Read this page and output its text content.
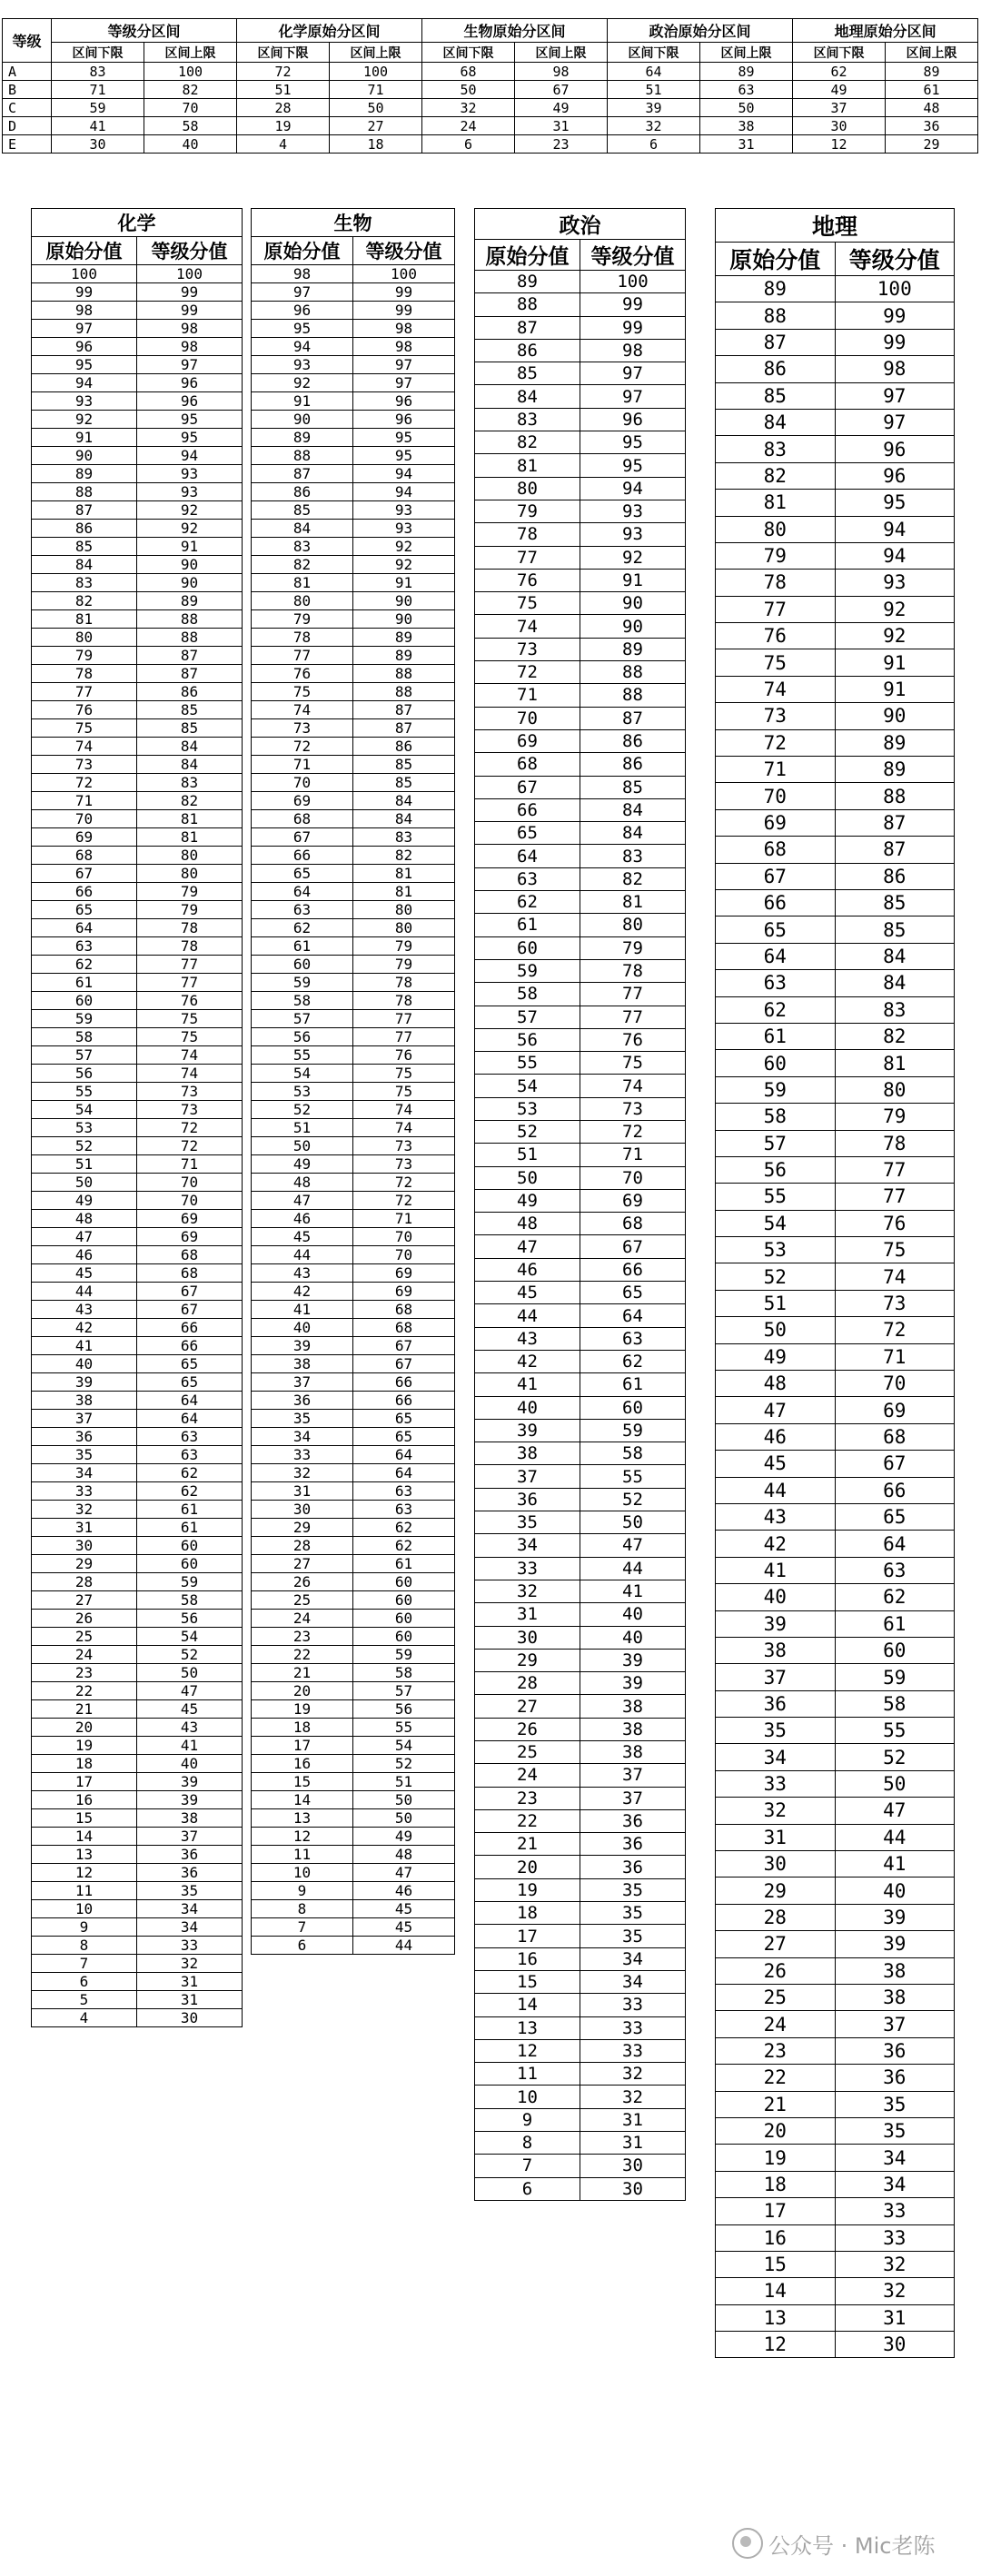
等级	等级分区间		化学原始分区间		生物原始分区间		政治原始分区间		地理原始分区间	
	区间下限	区间上限	区间下限	区间上限	区间下限	区间上限	区间下限	区间上限	区间下限	区间上限
A	83	100	72	100	68	98	64	89	62	89
B	71	82	51	71	50	67	51	63	49	61
C	59	70	28	50	32	49	39	50	37	48
D	41	58	19	27	24	31	32	38	30	36
E	30	40	4	18	6	23	6	31	12	29
化学	
原始分值	等级分值
100	100
99	99
98	99
97	98
96	98
95	97
94	96
93	96
92	95
91	95
90	94
89	93
88	93
87	92
86	92
85	91
84	90
83	90
82	89
81	88
80	88
79	87
78	87
77	86
76	85
75	85
74	84
73	84
72	83
71	82
70	81
69	81
68	80
67	80
66	79
65	79
64	78
63	78
62	77
61	77
60	76
59	75
58	75
57	74
56	74
55	73
54	73
53	72
52	72
51	71
50	70
49	70
48	69
47	69
46	68
45	68
44	67
43	67
42	66
41	66
40	65
39	65
38	64
37	64
36	63
35	63
34	62
33	62
32	61
31	61
30	60
29	60
28	59
27	58
26	56
25	54
24	52
23	50
22	47
21	45
20	43
19	41
18	40
17	39
16	39
15	38
14	37
13	36
12	36
11	35
10	34
9	34
8	33
7	32
6	31
5	31
4	30
生物	
原始分值	等级分值
98	100
97	99
96	99
95	98
94	98
93	97
92	97
91	96
90	96
89	95
88	95
87	94
86	94
85	93
84	93
83	92
82	92
81	91
80	90
79	90
78	89
77	89
76	88
75	88
74	87
73	87
72	86
71	85
70	85
69	84
68	84
67	83
66	82
65	81
64	81
63	80
62	80
61	79
60	79
59	78
58	78
57	77
56	77
55	76
54	75
53	75
52	74
51	74
50	73
49	73
48	72
47	72
46	71
45	70
44	70
43	69
42	69
41	68
40	68
39	67
38	67
37	66
36	66
35	65
34	65
33	64
32	64
31	63
30	63
29	62
28	62
27	61
26	60
25	60
24	60
23	60
22	59
21	58
20	57
19	56
18	55
17	54
16	52
15	51
14	50
13	50
12	49
11	48
10	47
9	46
8	45
7	45
6	44
政治	
原始分值	等级分值
89	100
88	99
87	99
86	98
85	97
84	97
83	96
82	95
81	95
80	94
79	93
78	93
77	92
76	91
75	90
74	90
73	89
72	88
71	88
70	87
69	86
68	86
67	85
66	84
65	84
64	83
63	82
62	81
61	80
60	79
59	78
58	77
57	77
56	76
55	75
54	74
53	73
52	72
51	71
50	70
49	69
48	68
47	67
46	66
45	65
44	64
43	63
42	62
41	61
40	60
39	59
38	58
37	55
36	52
35	50
34	47
33	44
32	41
31	40
30	40
29	39
28	39
27	38
26	38
25	38
24	37
23	37
22	36
21	36
20	36
19	35
18	35
17	35
16	34
15	34
14	33
13	33
12	33
11	32
10	32
9	31
8	31
7	30
6	30
地理	
原始分值	等级分值
89	100
88	99
87	99
86	98
85	97
84	97
83	96
82	96
81	95
80	94
79	94
78	93
77	92
76	92
75	91
74	91
73	90
72	89
71	89
70	88
69	87
68	87
67	86
66	85
65	85
64	84
63	84
62	83
61	82
60	81
59	80
58	79
57	78
56	77
55	77
54	76
53	75
52	74
51	73
50	72
49	71
48	70
47	69
46	68
45	67
44	66
43	65
42	64
41	63
40	62
39	61
38	60
37	59
36	58
35	55
34	52
33	50
32	47
31	44
30	41
29	40
28	39
27	39
26	38
25	38
24	37
23	36
22	36
21	35
20	35
19	34
18	34
17	33
16	33
15	32
14	32
13	31
12	30
公众号 · Mic老陈
